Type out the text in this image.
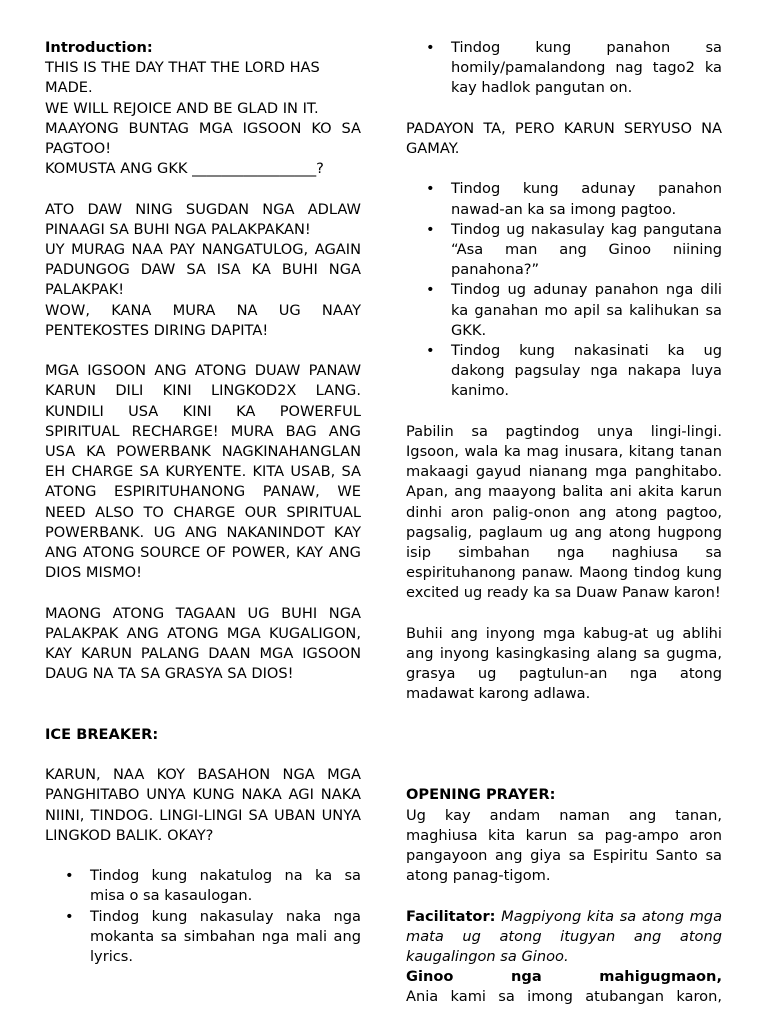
Introduction:

THIS IS THE DAY THAT THE LORD HAS MADE.

WE WILL REJOICE AND BE GLAD IN IT.

MAAYONG BUNTAG MGA IGSOON KO SA PAGTOO!

KOMUSTA ANG GKK _________________?

ATO DAW NING SUGDAN NGA ADLAW PINAAGI SA BUHI NGA PALAKPAKAN!

UY MURAG NAA PAY NANGATULOG, AGAIN PADUNGOG DAW SA ISA KA BUHI NGA PALAKPAK!

WOW, KANA MURA NA UG NAAY PENTEKOSTES DIRING DAPITA!

MGA IGSOON ANG ATONG DUAW PANAW KARUN DILI KINI LINGKOD2X LANG. KUNDILI USA KINI KA POWERFUL SPIRITUAL RECHARGE! MURA BAG ANG USA KA POWERBANK NAGKINAHANGLAN EH CHARGE SA KURYENTE. KITA USAB, SA ATONG ESPIRITUHANONG PANAW, WE NEED ALSO TO CHARGE OUR SPIRITUAL POWERBANK. UG ANG NAKANINDOT KAY ANG ATONG SOURCE OF POWER, KAY ANG DIOS MISMO!

MAONG ATONG TAGAAN UG BUHI NGA PALAKPAK ANG ATONG MGA KUGALIGON, KAY KARUN PALANG DAAN MGA IGSOON DAUG NA TA SA GRASYA SA DIOS!

ICE BREAKER:

KARUN, NAA KOY BASAHON NGA MGA PANGHITABO UNYA KUNG NAKA AGI NAKA NIINI, TINDOG. LINGI-LINGI SA UBAN UNYA LINGKOD BALIK. OKAY?

• Tindog kung nakatulog na ka sa misa o sa kasaulogan.
• Tindog kung nakasulay naka nga mokanta sa simbahan nga mali ang lyrics.
• Tindog kung panahon sa homily/pamalandong nag tago2 ka kay hadlok pangutan on.

PADAYON TA, PERO KARUN SERYUSO NA GAMAY.

• Tindog kung adunay panahon nawad-an ka sa imong pagtoo.
• Tindog ug nakasulay kag pangutana “Asa man ang Ginoo niining panahona?”
• Tindog ug adunay panahon nga dili ka ganahan mo apil sa kalihukan sa GKK.
• Tindog kung nakasinati ka ug dakong pagsulay nga nakapa luya kanimo.

Pabilin sa pagtindog unya lingi-lingi. Igsoon, wala ka mag inusara, kitang tanan makaagi gayud nianang mga panghitabo. Apan, ang maayong balita ani akita karun dinhi aron palig-onon ang atong pagtoo, pagsalig, paglaum ug ang atong hugpong isip simbahan nga naghiusa sa espirituhanong panaw. Maong tindog kung excited ug ready ka sa Duaw Panaw karon!

Buhii ang inyong mga kabug-at ug ablihi ang inyong kasingkasing alang sa gugma, grasya ug pagtulun-an nga atong madawat karong adlawa.

OPENING PRAYER:

Ug kay andam naman ang tanan, maghiusa kita karun sa pag-ampo aron pangayoon ang giya sa Espiritu Santo sa atong panag-tigom.

Facilitator: Magpiyong kita sa atong mga mata ug atong itugyan ang atong kaugalingon sa Ginoo.

Ginoo nga mahigugmaon,

Ania kami sa imong atubangan karon,
